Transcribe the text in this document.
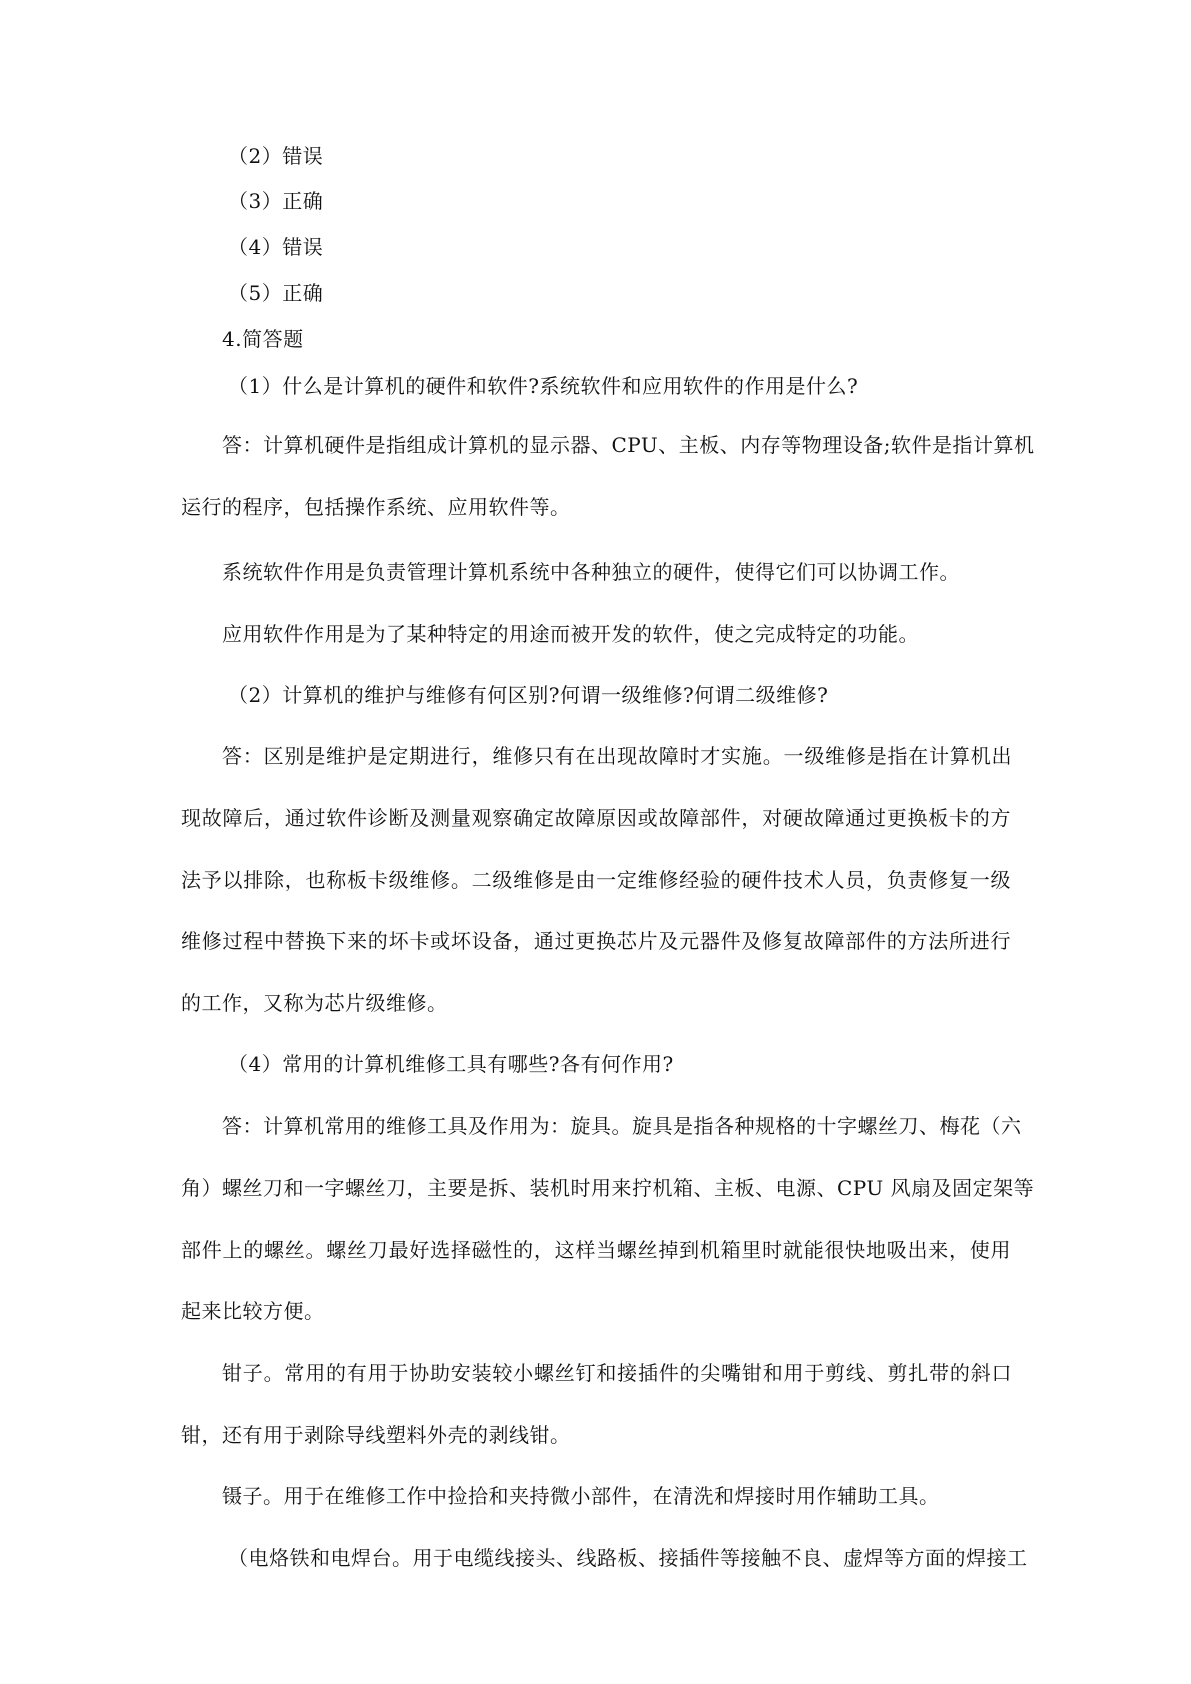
（2）错误
（3）正确
（4）错误
（5）正确
4.简答题
（1）什么是计算机的硬件和软件?系统软件和应用软件的作用是什么?
答：计算机硬件是指组成计算机的显示器、CPU、主板、内存等物理设备;软件是指计算机
运行的程序，包括操作系统、应用软件等。
系统软件作用是负责管理计算机系统中各种独立的硬件，使得它们可以协调工作。
应用软件作用是为了某种特定的用途而被开发的软件，使之完成特定的功能。
（2）计算机的维护与维修有何区别?何谓一级维修?何谓二级维修?
答：区别是维护是定期进行，维修只有在出现故障时才实施。一级维修是指在计算机出
现故障后，通过软件诊断及测量观察确定故障原因或故障部件，对硬故障通过更换板卡的方
法予以排除，也称板卡级维修。二级维修是由一定维修经验的硬件技术人员，负责修复一级
维修过程中替换下来的坏卡或坏设备，通过更换芯片及元器件及修复故障部件的方法所进行
的工作，又称为芯片级维修。
（4）常用的计算机维修工具有哪些?各有何作用?
答：计算机常用的维修工具及作用为：旋具。旋具是指各种规格的十字螺丝刀、梅花（六
角）螺丝刀和一字螺丝刀，主要是拆、装机时用来拧机箱、主板、电源、CPU 风扇及固定架等
部件上的螺丝。螺丝刀最好选择磁性的，这样当螺丝掉到机箱里时就能很快地吸出来，使用
起来比较方便。
钳子。常用的有用于协助安装较小螺丝钉和接插件的尖嘴钳和用于剪线、剪扎带的斜口
钳，还有用于剥除导线塑料外壳的剥线钳。
镊子。用于在维修工作中捡拾和夹持微小部件，在清洗和焊接时用作辅助工具。
（电烙铁和电焊台。用于电缆线接头、线路板、接插件等接触不良、虚焊等方面的焊接工
